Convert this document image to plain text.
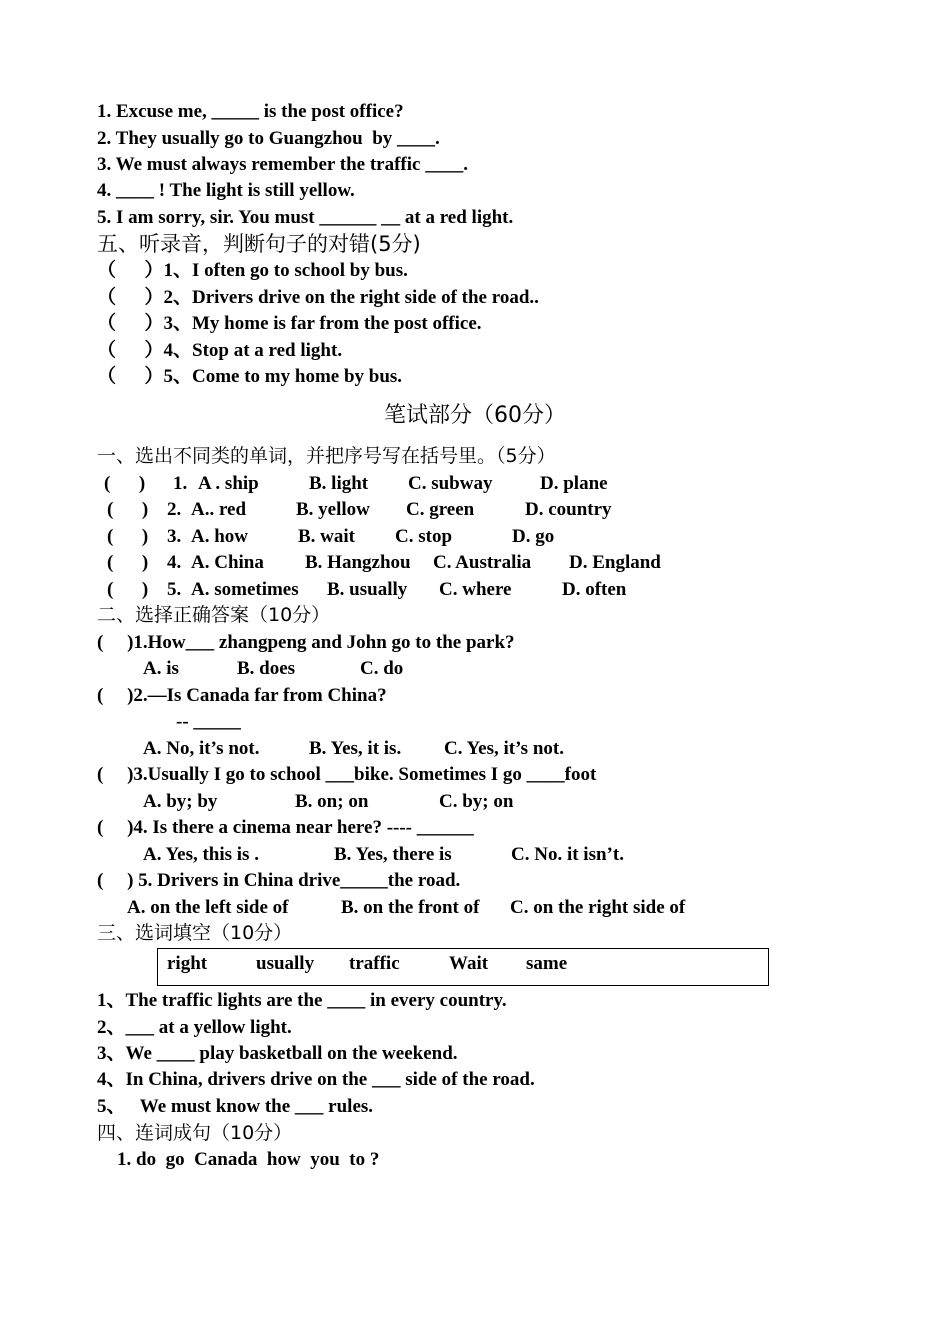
1. Excuse me, _____ is the post office?
2. They usually go to Guangzhou  by ____.
3. We must always remember the traffic ____.
4. ____ ! The light is still yellow.
5. I am sorry, sir. You must ______ __ at a red light.
五、听录音，判断句子的对错(5分)
（      ）1、I often go to school by bus.
（      ）2、Drivers drive on the right side of the road..
（      ）3、My home is far from the post office.
（      ）4、Stop at a red light.
（      ）5、Come to my home by bus.
笔试部分（60分）
一、选出不同类的单词，并把序号写在括号里。（5分）

(      )

1.

A . ship

	B. light

C. subway

	D. plane

(      )

2.

A.. red

	B. yellow

C. green

	D. country

(      )

3.

A. how

	B. wait

C. stop

	D. go

(      )

4.

A. China

B. Hangzhou

C. Australia

D. England

(      )

5.

A. sometimes

B. usually

C. where

	D. often

二、选择正确答案（10分）
(     )1.How___ zhangpeng and John go to the park?

A. is

	B. does

	C. do

(     )2.—Is Canada far from China?
-- _____

A. No, it’s not.

	B. Yes, it is.

C. Yes, it’s not.

(     )3.Usually I go to school ___bike. Sometimes I go ____foot

A. by; by

	B. on; on

	C. by; on

(     )4. Is there a cinema near here? ---- ______

A. Yes, this is .

	B. Yes, there is

	C. No. it isn’t.

(     ) 5. Drivers in China drive_____the road.

A. on the left side of

	B. on the front of

C. on the right side of

三、选词填空（10分）
right	usually traffic	Wait same
1、The traffic lights are the ____ in every country.
2、___ at a yellow light.
3、We ____ play basketball on the weekend.
4、In China, drivers drive on the ___ side of the road.
5、   We must know the ___ rules.
四、连词成句（10分）
1. do  go  Canada  how  you  to ?
